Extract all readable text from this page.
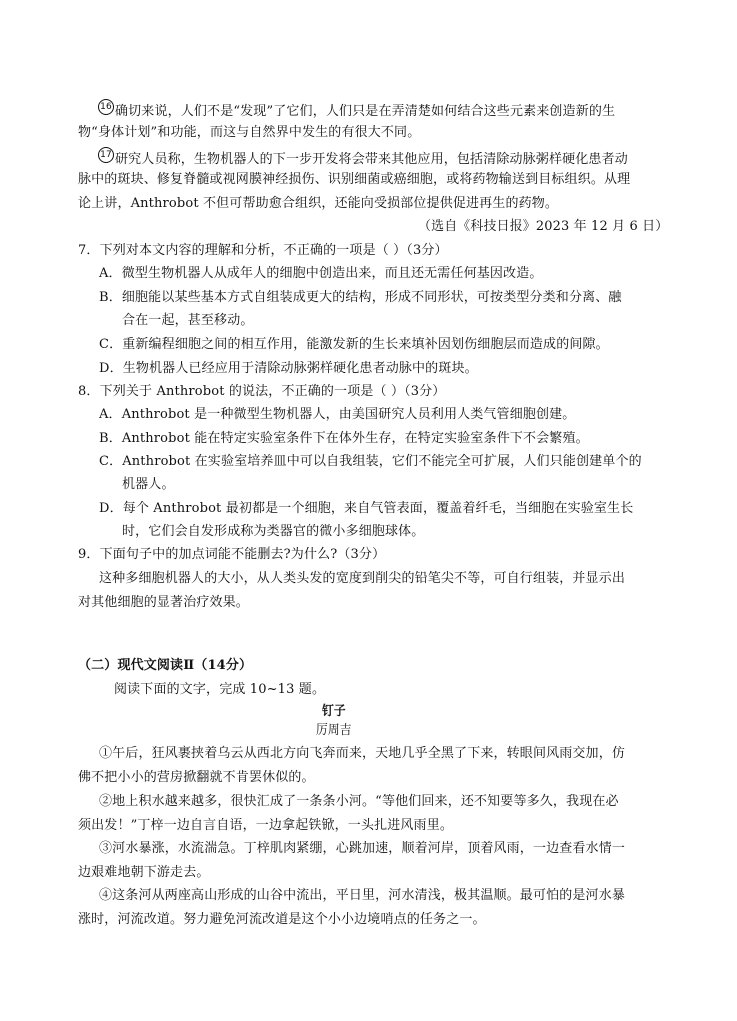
16 确切来说，人们不是“发现”了它们，人们只是在弄清楚如何结合这些元素来创造新的生
物“身体计划”和功能，而这与自然界中发生的有很大不同。
17 研究人员称，生物机器人的下一步开发将会带来其他应用，包括清除动脉粥样硬化患者动
脉中的斑块、修复脊髓或视网膜神经损伤、识别细菌或癌细胞，或将药物输送到目标组织。从理
论上讲，Anthrobot 不但可帮助愈合组织，还能向受损部位提供促进再生的药物。
（选自《科技日报》2023 年 12 月 6 日）
7．下列对本文内容的理解和分析，不正确的一项是（ ）（3分）
A．微型生物机器人从成年人的细胞中创造出来，而且还无需任何基因改造。
B．细胞能以某些基本方式自组装成更大的结构，形成不同形状，可按类型分类和分离、融
合在一起，甚至移动。
C．重新编程细胞之间的相互作用，能激发新的生长来填补因划伤细胞层而造成的间隙。
D．生物机器人已经应用于清除动脉粥样硬化患者动脉中的斑块。
8．下列关于 Anthrobot 的说法，不正确的一项是（ ）（3分）
A．Anthrobot 是一种微型生物机器人，由美国研究人员利用人类气管细胞创建。
B．Anthrobot 能在特定实验室条件下在体外生存，在特定实验室条件下不会繁殖。
C．Anthrobot 在实验室培养皿中可以自我组装，它们不能完全可扩展，人们只能创建单个的
机器人。
D．每个 Anthrobot 最初都是一个细胞，来自气管表面，覆盖着纤毛，当细胞在实验室生长
时，它们会自发形成称为类器官的微小多细胞球体。
9．下面句子中的加点词能不能删去?为什么?（3分）
这种多细胞机器人的大小，从人类头发的宽度到削尖的铅笔尖不等，可自行组装，并显示出
对其他细胞的显著治疗效果。
（二）现代文阅读Ⅱ（14分）
阅读下面的文字，完成 10~13 题。
钉子
厉周吉
①午后，狂风裹挟着乌云从西北方向飞奔而来，天地几乎全黑了下来，转眼间风雨交加，仿
佛不把小小的营房掀翻就不肯罢休似的。
②地上积水越来越多，很快汇成了一条条小河。“等他们回来，还不知要等多久，我现在必
须出发！”丁梓一边自言自语，一边拿起铁锨，一头扎进风雨里。
③河水暴涨，水流湍急。丁梓肌肉紧绷，心跳加速，顺着河岸，顶着风雨，一边查看水情一
边艰难地朝下游走去。
④这条河从两座高山形成的山谷中流出，平日里，河水清浅，极其温顺。最可怕的是河水暴
涨时，河流改道。努力避免河流改道是这个小小边境哨点的任务之一。
